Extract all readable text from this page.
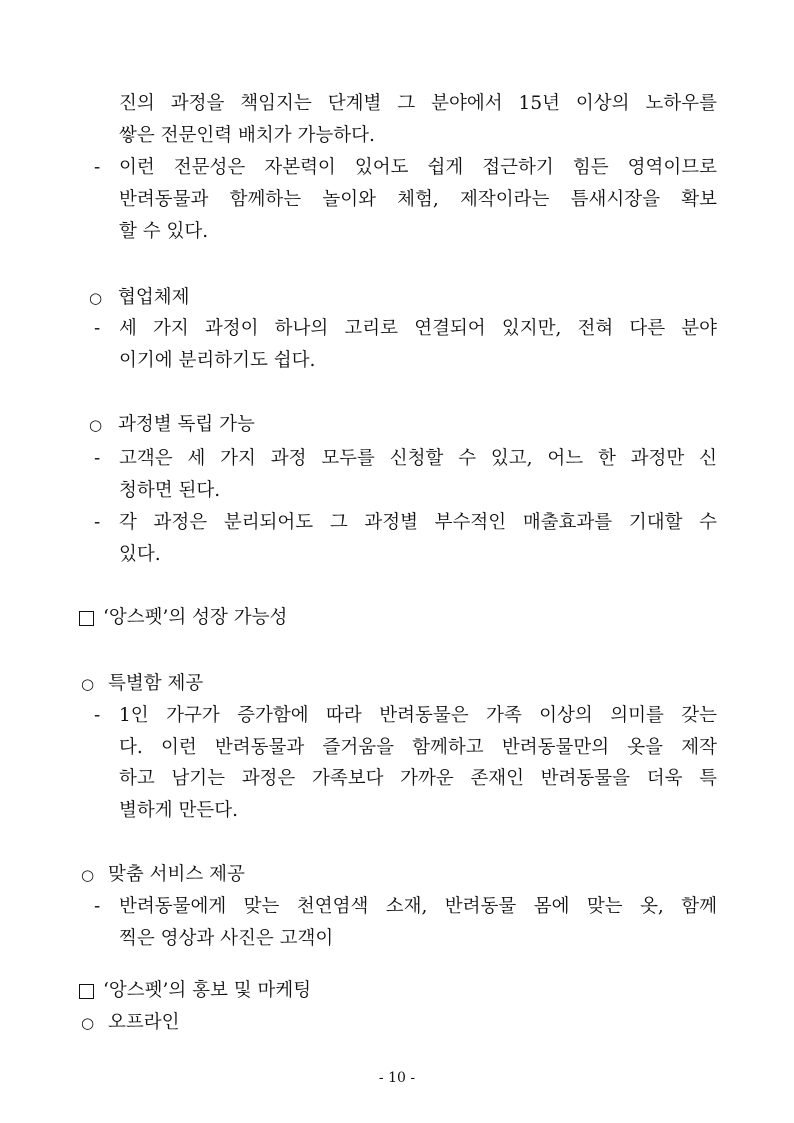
진의 과정을 책임지는 단계별 그 분야에서 15년 이상의 노하우를
쌓은 전문인력 배치가 가능하다.
- 이런 전문성은 자본력이 있어도 쉽게 접근하기 힘든 영역이므로
반려동물과 함께하는 놀이와 체험, 제작이라는 틈새시장을 확보
할 수 있다.
○ 협업체제
- 세 가지 과정이 하나의 고리로 연결되어 있지만, 전혀 다른 분야
이기에 분리하기도 쉽다.
○ 과정별 독립 가능
- 고객은 세 가지 과정 모두를 신청할 수 있고, 어느 한 과정만 신
청하면 된다.
- 각 과정은 분리되어도 그 과정별 부수적인 매출효과를 기대할 수
있다.
‘앙스펫’의 성장 가능성
○ 특별함 제공
- 1인 가구가 증가함에 따라 반려동물은 가족 이상의 의미를 갖는
다. 이런 반려동물과 즐거움을 함께하고 반려동물만의 옷을 제작
하고 남기는 과정은 가족보다 가까운 존재인 반려동물을 더욱 특
별하게 만든다.
○ 맞춤 서비스 제공
- 반려동물에게 맞는 천연염색 소재, 반려동물 몸에 맞는 옷, 함께
찍은 영상과 사진은 고객이
‘앙스펫’의 홍보 및 마케팅
○ 오프라인
- 10 -
